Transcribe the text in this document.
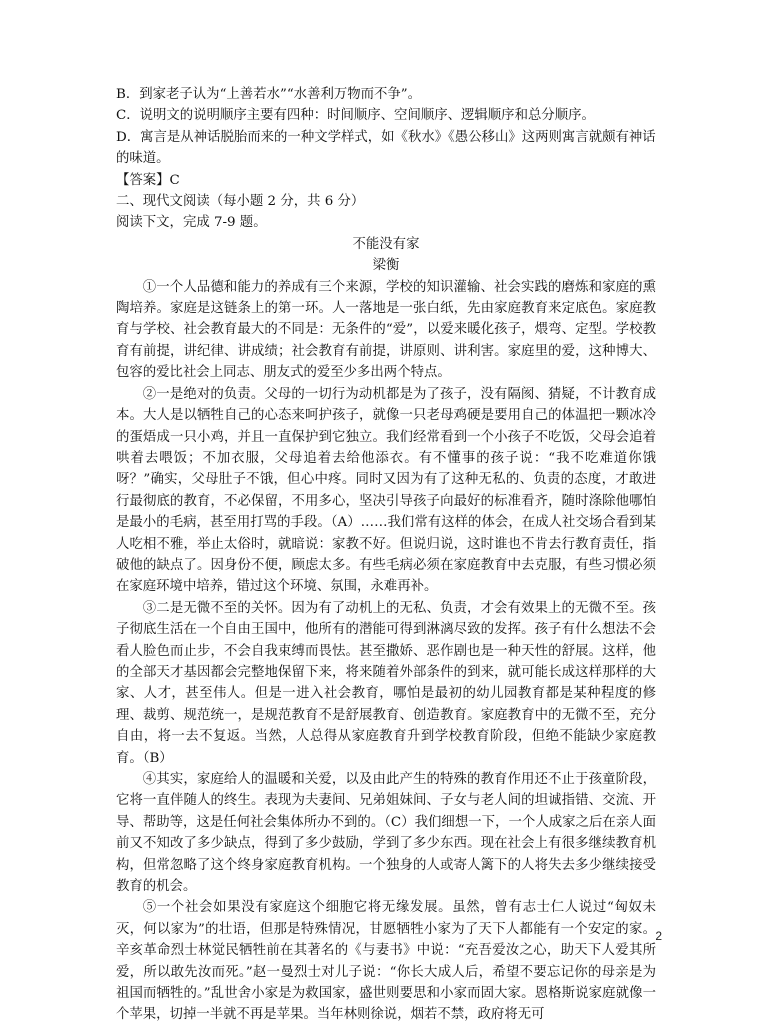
B．到家老子认为“上善若水”“水善利万物而不争”。

C．说明文的说明顺序主要有四种：时间顺序、空间顺序、逻辑顺序和总分顺序。

D．寓言是从神话脱胎而来的一种文学样式，如《秋水》《愚公移山》这两则寓言就颇有神话的味道。

【答案】C

二、现代文阅读（每小题 2 分，共 6 分）

阅读下文，完成 7-9 题。

不能没有家

梁衡

①一个人品德和能力的养成有三个来源，学校的知识灌输、社会实践的磨炼和家庭的熏陶培养。家庭是这链条上的第一环。人一落地是一张白纸，先由家庭教育来定底色。家庭教育与学校、社会教育最大的不同是：无条件的“爱”，以爱来暖化孩子，煨弯、定型。学校教育有前提，讲纪律、讲成绩；社会教育有前提，讲原则、讲利害。家庭里的爱，这种博大、包容的爱比社会上同志、朋友式的爱至少多出两个特点。

②一是绝对的负责。父母的一切行为动机都是为了孩子，没有隔阂、猜疑，不计教育成本。大人是以牺牲自己的心态来呵护孩子，就像一只老母鸡硬是要用自己的体温把一颗冰冷的蛋焐成一只小鸡，并且一直保护到它独立。我们经常看到一个小孩子不吃饭，父母会追着哄着去喂饭；不加衣服，父母追着去给他添衣。有不懂事的孩子说：“我不吃难道你饿呀？”确实，父母肚子不饿，但心中疼。同时又因为有了这种无私的、负责的态度，才敢进行最彻底的教育，不必保留，不用多心，坚决引导孩子向最好的标准看齐，随时涤除他哪怕是最小的毛病，甚至用打骂的手段。（A）……我们常有这样的体会，在成人社交场合看到某人吃相不雅，举止太俗时，就暗说：家教不好。但说归说，这时谁也不肯去行教育责任，指破他的缺点了。因身份不便，顾虑太多。有些毛病必须在家庭教育中去克服，有些习惯必须在家庭环境中培养，错过这个环境、氛围，永难再补。

③二是无微不至的关怀。因为有了动机上的无私、负责，才会有效果上的无微不至。孩子彻底生活在一个自由王国中，他所有的潜能可得到淋漓尽致的发挥。孩子有什么想法不会看人脸色而止步，不会自我束缚而畏怯。甚至撒娇、恶作剧也是一种天性的舒展。这样，他的全部天才基因都会完整地保留下来，将来随着外部条件的到来，就可能长成这样那样的大家、人才，甚至伟人。但是一进入社会教育，哪怕是最初的幼儿园教育都是某种程度的修理、裁剪、规范统一，是规范教育不是舒展教育、创造教育。家庭教育中的无微不至，充分自由，将一去不复返。当然，人总得从家庭教育升到学校教育阶段，但绝不能缺少家庭教育。（B）

④其实，家庭给人的温暖和关爱，以及由此产生的特殊的教育作用还不止于孩童阶段，它将一直伴随人的终生。表现为夫妻间、兄弟姐妹间、子女与老人间的坦诚指错、交流、开导、帮助等，这是任何社会集体所办不到的。（C）我们细想一下，一个人成家之后在亲人面前又不知改了多少缺点，得到了多少鼓励，学到了多少东西。现在社会上有很多继续教育机构，但常忽略了这个终身家庭教育机构。一个独身的人或寄人篱下的人将失去多少继续接受教育的机会。

⑤一个社会如果没有家庭这个细胞它将无缘发展。虽然，曾有志士仁人说过“匈奴未灭，何以家为”的壮语，但那是特殊情况，甘愿牺牲小家为了天下人都能有一个安定的家。辛亥革命烈士林觉民牺牲前在其著名的《与妻书》中说：“充吾爱汝之心，助天下人爱其所爱，所以敢先汝而死。”赵一曼烈士对儿子说：“你长大成人后，希望不要忘记你的母亲是为祖国而牺牲的。”乱世舍小家是为救国家，盛世则要思和小家而固大家。恩格斯说家庭就像一个苹果，切掉一半就不再是苹果。当年林则徐说，烟若不禁，政府将无可

2
